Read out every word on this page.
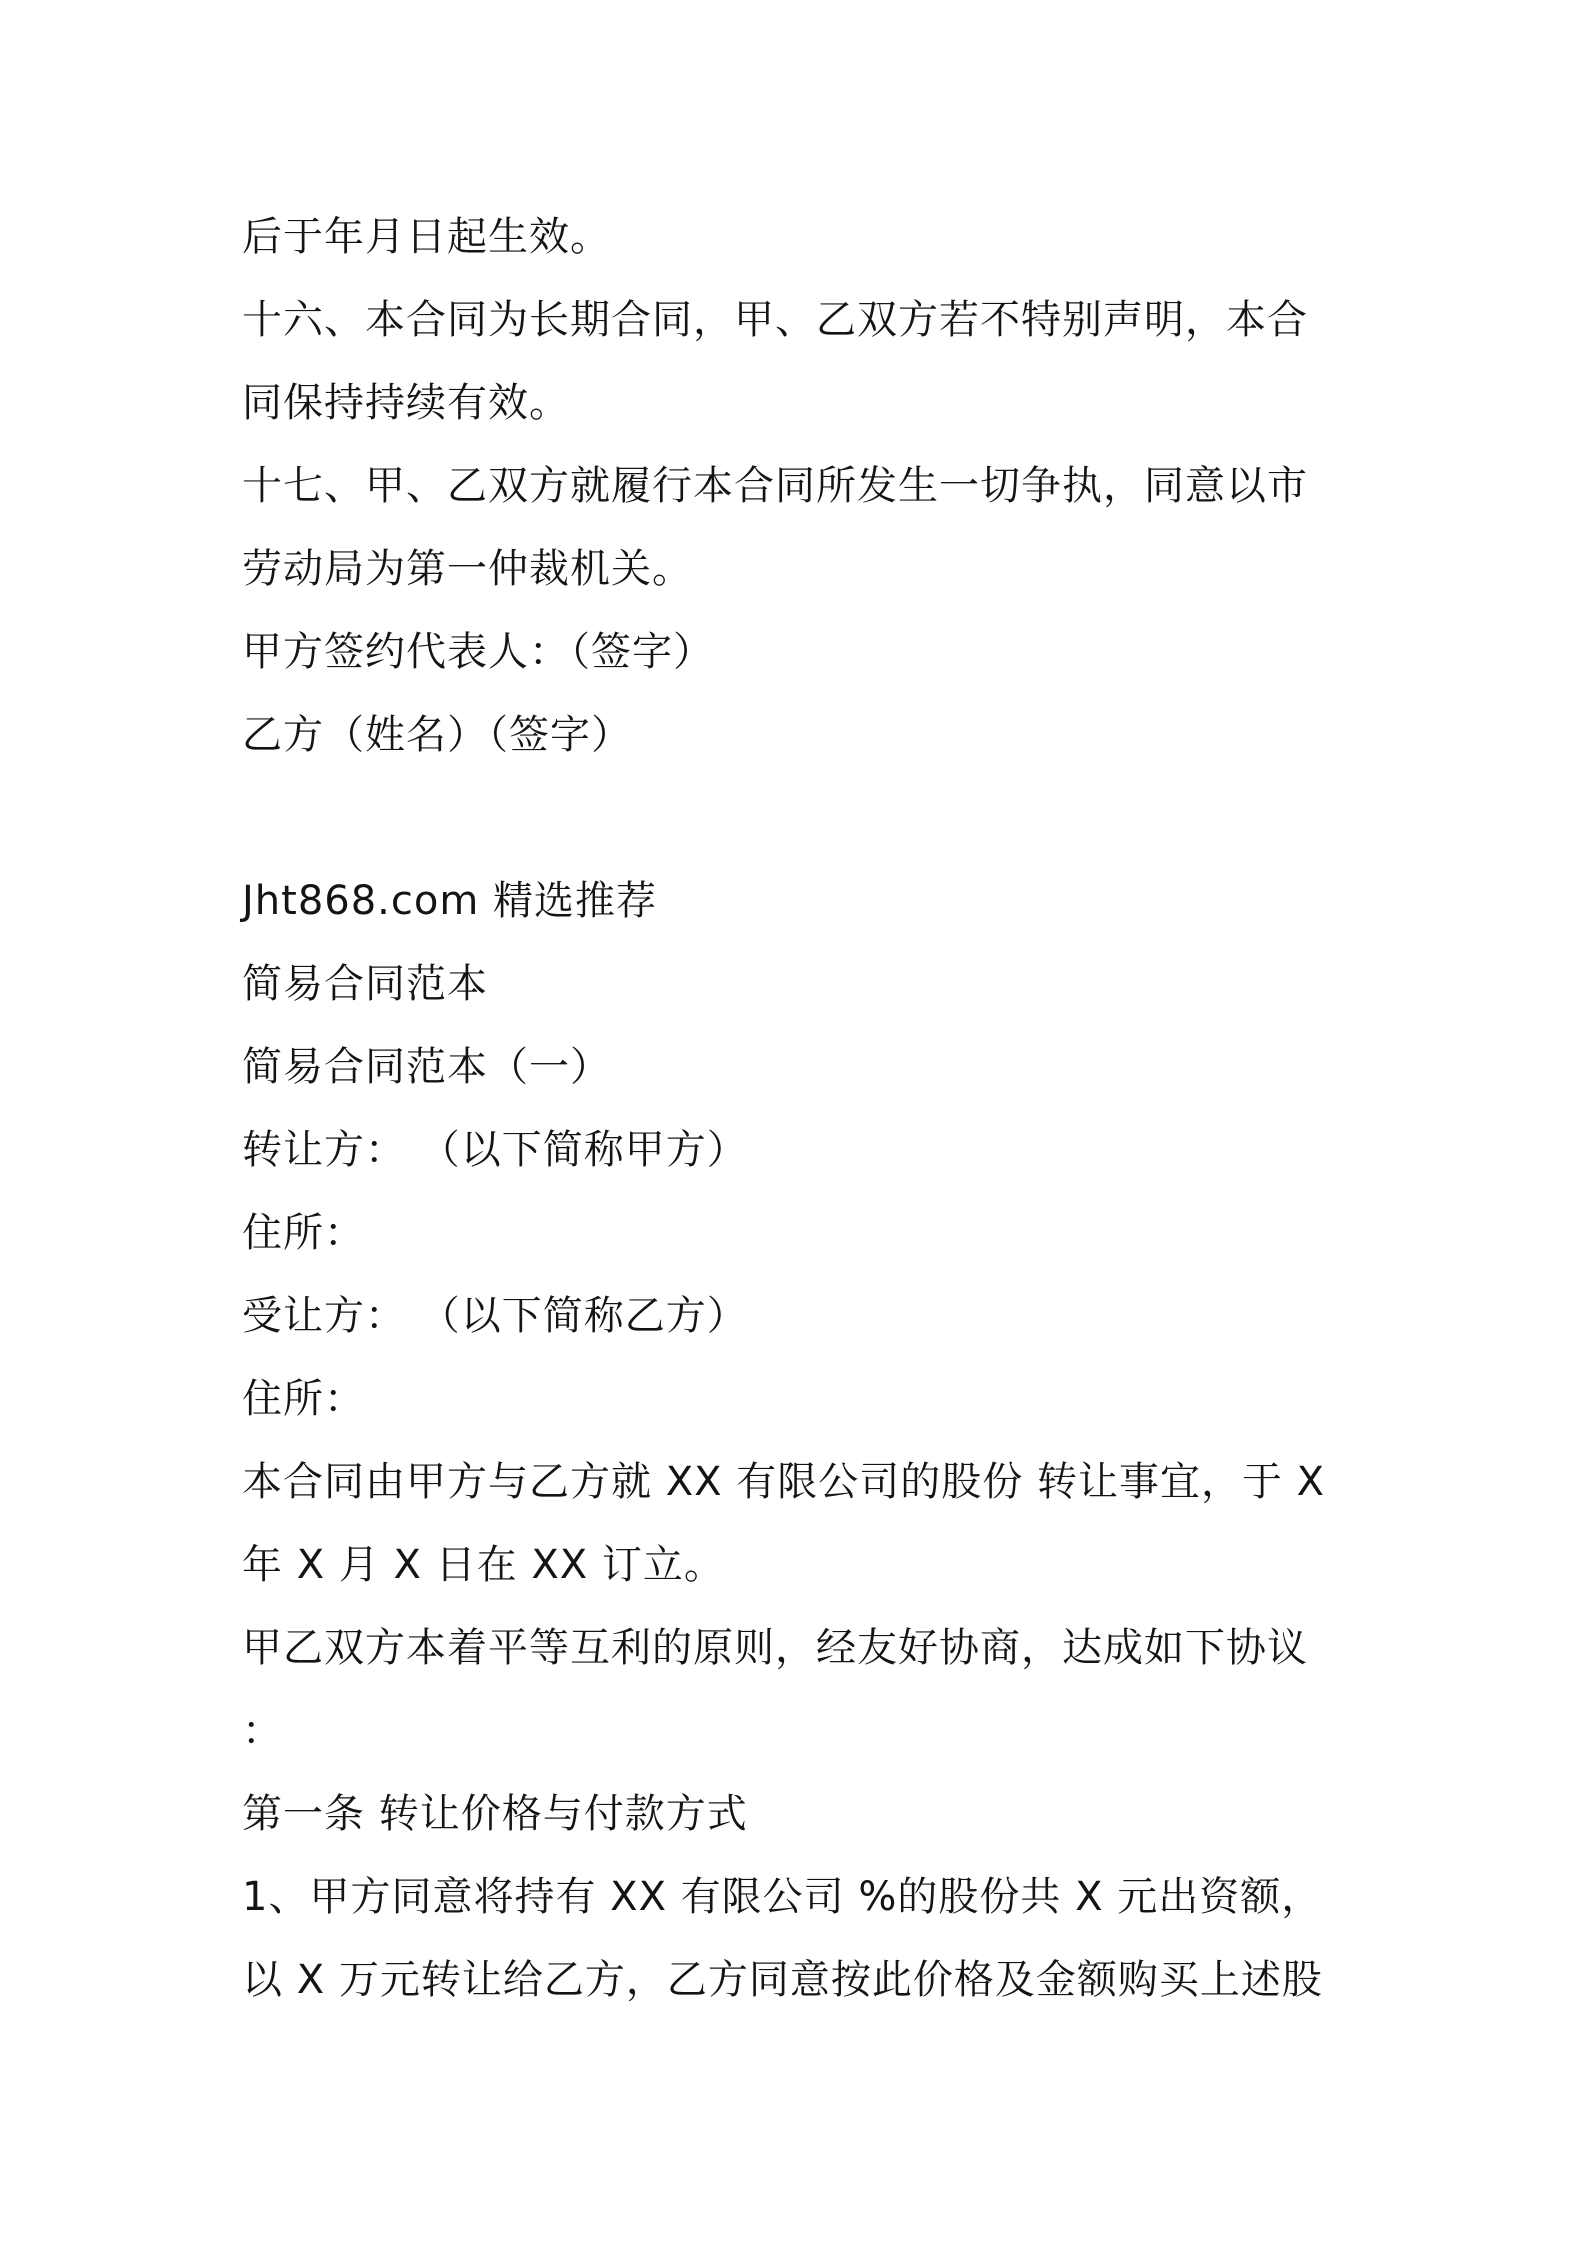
后于年月日起生效。
十六、本合同为长期合同，甲、乙双方若不特别声明，本合
同保持持续有效。
十七、甲、乙双方就履行本合同所发生一切争执，同意以市
劳动局为第一仲裁机关。
甲方签约代表人：（签字）
乙方（姓名）（签字）
Jht868.com 精选推荐
简易合同范本
简易合同范本（一）
转让方： （以下简称甲方）
住所：
受让方： （以下简称乙方）
住所：
本合同由甲方与乙方就 XX 有限公司的股份 转让事宜，于 X
年 X 月 X 日在 XX 订立。
甲乙双方本着平等互利的原则，经友好协商，达成如下协议
：
第一条 转让价格与付款方式
1、甲方同意将持有 XX 有限公司 %的股份共 X 元出资额，
以 X 万元转让给乙方，乙方同意按此价格及金额购买上述股
